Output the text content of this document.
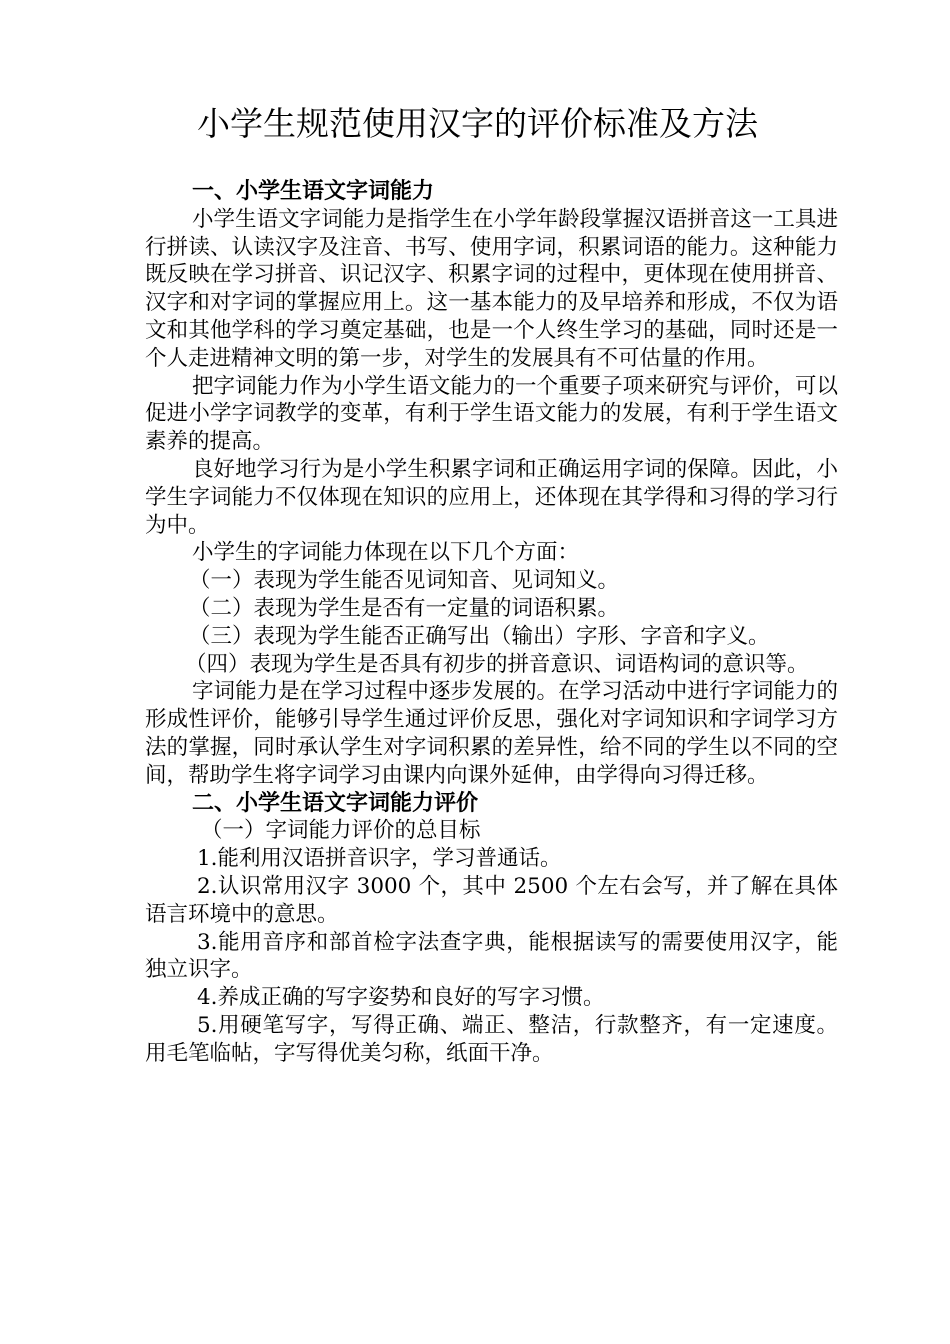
小学生规范使用汉字的评价标准及方法

一、小学生语文字词能力

小学生语文字词能力是指学生在小学年龄段掌握汉语拼音这一工具进行拼读、认读汉字及注音、书写、使用字词，积累词语的能力。这种能力既反映在学习拼音、识记汉字、积累字词的过程中，更体现在使用拼音、汉字和对字词的掌握应用上。这一基本能力的及早培养和形成，不仅为语文和其他学科的学习奠定基础，也是一个人终生学习的基础，同时还是一个人走进精神文明的第一步，对学生的发展具有不可估量的作用。

把字词能力作为小学生语文能力的一个重要子项来研究与评价，可以促进小学字词教学的变革，有利于学生语文能力的发展，有利于学生语文素养的提高。

良好地学习行为是小学生积累字词和正确运用字词的保障。因此，小学生字词能力不仅体现在知识的应用上，还体现在其学得和习得的学习行为中。

小学生的字词能力体现在以下几个方面：

（一）表现为学生能否见词知音、见词知义。

（二）表现为学生是否有一定量的词语积累。

（三）表现为学生能否正确写出（输出）字形、字音和字义。

（四）表现为学生是否具有初步的拼音意识、词语构词的意识等。

字词能力是在学习过程中逐步发展的。在学习活动中进行字词能力的形成性评价，能够引导学生通过评价反思，强化对字词知识和字词学习方法的掌握，同时承认学生对字词积累的差异性，给不同的学生以不同的空间，帮助学生将字词学习由课内向课外延伸，由学得向习得迁移。

二、小学生语文字词能力评价

（一）字词能力评价的总目标

1.能利用汉语拼音识字，学习普通话。

2.认识常用汉字 3000 个，其中 2500 个左右会写，并了解在具体语言环境中的意思。

3.能用音序和部首检字法查字典，能根据读写的需要使用汉字，能独立识字。

4.养成正确的写字姿势和良好的写字习惯。

5.用硬笔写字，写得正确、端正、整洁，行款整齐，有一定速度。用毛笔临帖，字写得优美匀称，纸面干净。
